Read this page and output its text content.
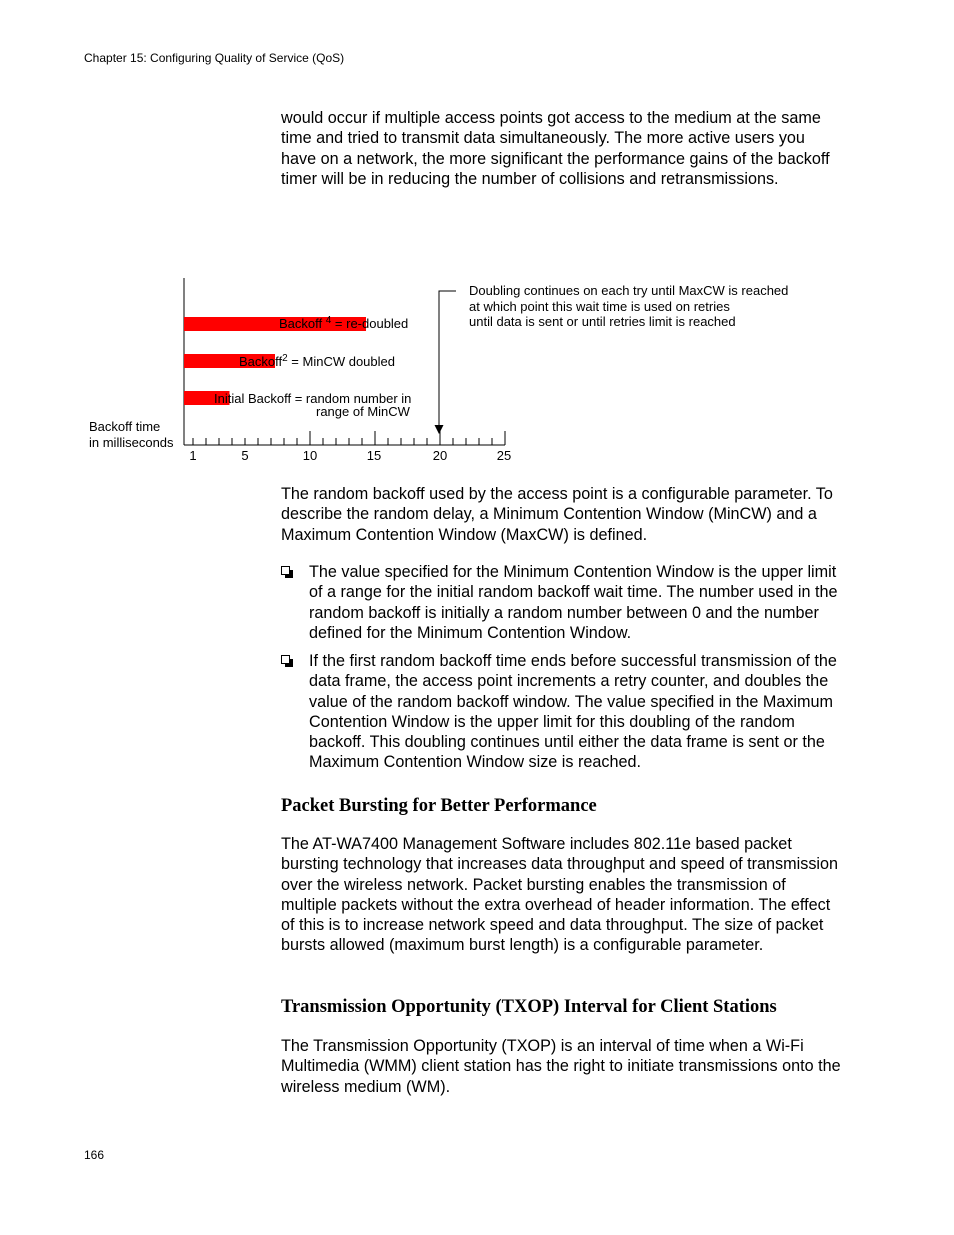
Chapter 15: Configuring Quality of Service (QoS)

would occur if multiple access points got access to the medium at the same time and tried to transmit data simultaneously. The more active users you have on a network, the more significant the performance gains of the backoff timer will be in reducing the number of collisions and retransmissions.

1	5	10	15	20	25
Backoff time
in milliseconds
Initial Backoff = random number in
range of MinCW
Backoff$^2$ = MinCW doubled
Backoff $^4$ = re-doubled
Doubling continues on each try until MaxCW is reached
at which point this wait time is used on retries
until data is sent or until retries limit is reached

The random backoff used by the access point is a configurable parameter. To describe the random delay, a Minimum Contention Window (MinCW) and a Maximum Contention Window (MaxCW) is defined.

The value specified for the Minimum Contention Window is the upper limit of a range for the initial random backoff wait time. The number used in the random backoff is initially a random number between 0 and the number defined for the Minimum Contention Window.
If the first random backoff time ends before successful transmission of the data frame, the access point increments a retry counter, and doubles the value of the random backoff window. The value specified in the Maximum Contention Window is the upper limit for this doubling of the random backoff. This doubling continues until either the data frame is sent or the Maximum Contention Window size is reached.
Packet Bursting for Better Performance

The AT-WA7400 Management Software includes 802.11e based packet bursting technology that increases data throughput and speed of transmission over the wireless network. Packet bursting enables the transmission of multiple packets without the extra overhead of header information. The effect of this is to increase network speed and data throughput. The size of packet bursts allowed (maximum burst length) is a configurable parameter.

Transmission Opportunity (TXOP) Interval for Client Stations

The Transmission Opportunity (TXOP) is an interval of time when a Wi-Fi Multimedia (WMM) client station has the right to initiate transmissions onto the wireless medium (WM).

166
